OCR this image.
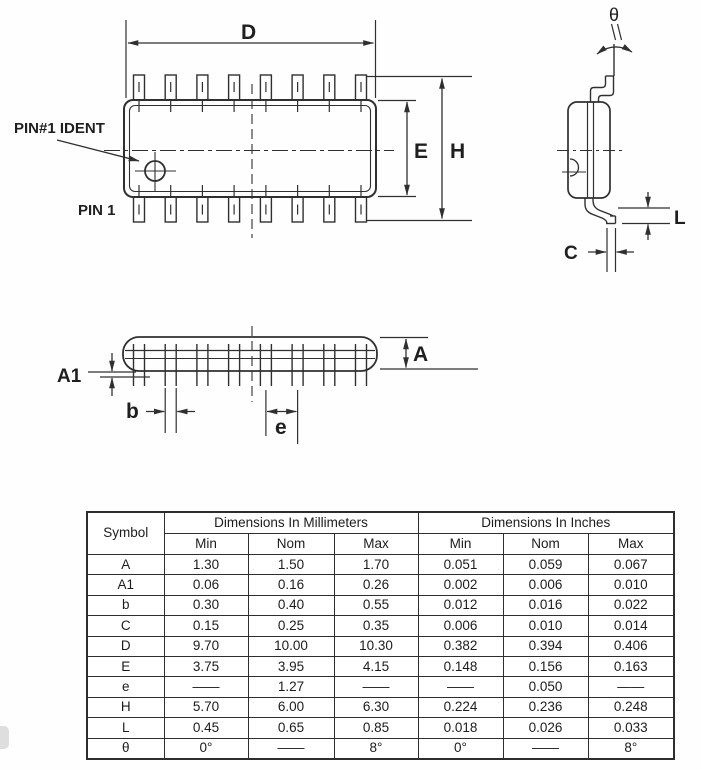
D
PIN#1 IDENT
PIN 1
E H
θ
L
C
A
A1
b
e
Symbol	Dimensions In Millimeters			Dimensions In Inches		
	Min	Nom	Max	Min	Nom	Max
A	1.30	1.50	1.70	0.051	0.059	0.067
A1	0.06	0.16	0.26	0.002	0.006	0.010
b	0.30	0.40	0.55	0.012	0.016	0.022
C	0.15	0.25	0.35	0.006	0.010	0.014
D	9.70	10.00	10.30	0.382	0.394	0.406
E	3.75	3.95	4.15	0.148	0.156	0.163
e	——	1.27	——	——	0.050	——
H	5.70	6.00	6.30	0.224	0.236	0.248
L	0.45	0.65	0.85	0.018	0.026	0.033
θ	0°	——	8°	0°	——	8°
